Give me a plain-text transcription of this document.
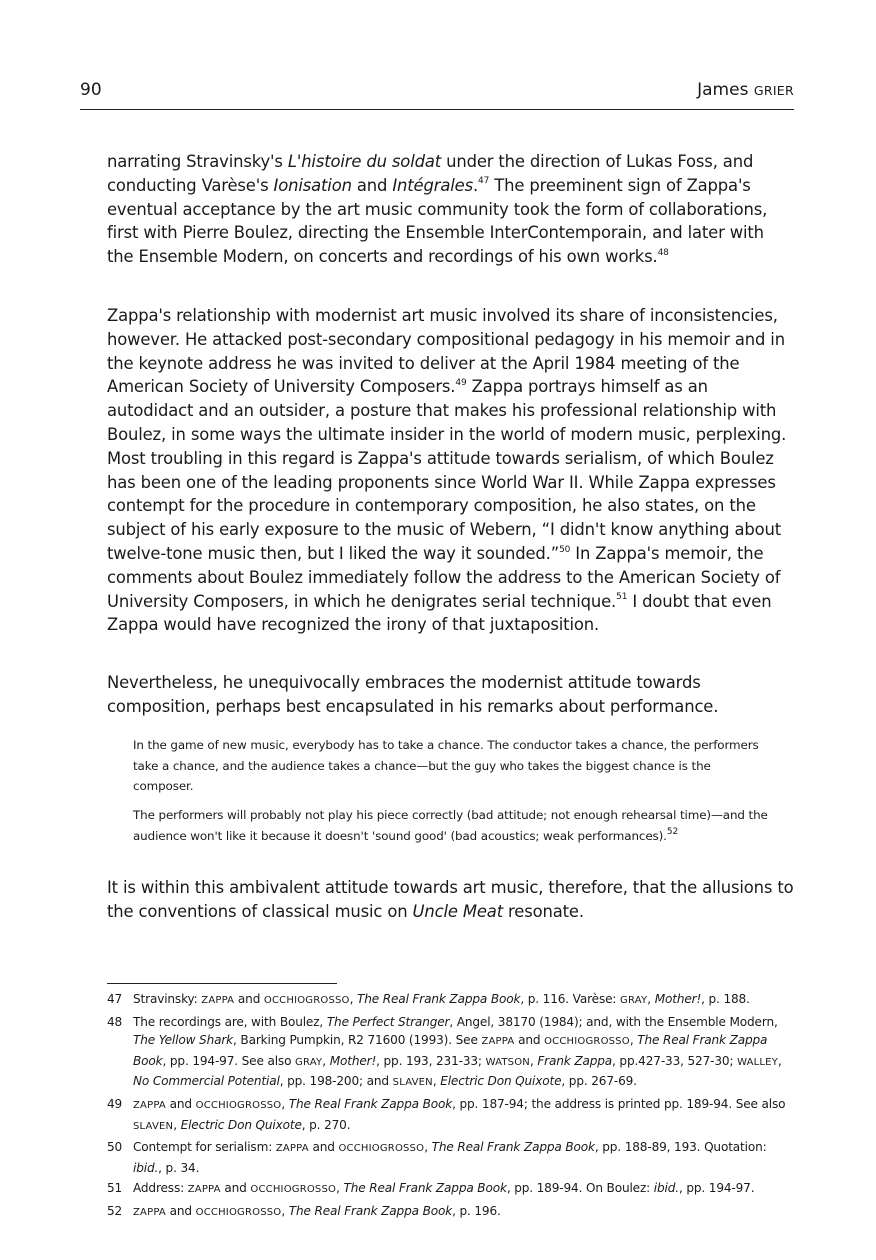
90	James GRIER

narrating Stravinsky's L'histoire du soldat under the direction of Lukas Foss, and conducting Varèse's Ionisation and Intégrales.$^{47}$ The preeminent sign of Zappa's eventual acceptance by the art music community took the form of collaborations, first with Pierre Boulez, directing the Ensemble InterContemporain, and later with the Ensemble Modern, on concerts and recordings of his own works.$^{48}$

Zappa's relationship with modernist art music involved its share of inconsistencies, however. He attacked post-secondary compositional pedagogy in his memoir and in the keynote address he was invited to deliver at the April 1984 meeting of the American Society of University Composers.$^{49}$ Zappa portrays himself as an autodidact and an outsider, a posture that makes his professional relationship with Boulez, in some ways the ultimate insider in the world of modern music, perplexing. Most troubling in this regard is Zappa's attitude towards serialism, of which Boulez has been one of the leading proponents since World War II. While Zappa expresses contempt for the procedure in contemporary composition, he also states, on the subject of his early exposure to the music of Webern, “I didn't know anything about twelve-tone music then, but I liked the way it sounded.”$^{50}$ In Zappa's memoir, the comments about Boulez immediately follow the address to the American Society of University Composers, in which he denigrates serial technique.$^{51}$ I doubt that even Zappa would have recognized the irony of that juxtaposition.

Nevertheless, he unequivocally embraces the modernist attitude towards composition, perhaps best encapsulated in his remarks about performance.

In the game of new music, everybody has to take a chance. The conductor takes a chance, the performers take a chance, and the audience takes a chance—but the guy who takes the biggest chance is the composer.
The performers will probably not play his piece correctly (bad attitude; not enough rehearsal time)—and the audience won't like it because it doesn't 'sound good' (bad acoustics; weak performances).$^{52}$

It is within this ambivalent attitude towards art music, therefore, that the allusions to the conventions of classical music on Uncle Meat resonate.

47 Stravinsky: ZAPPA and OCCHIOGROSSO, The Real Frank Zappa Book, p. 116. Varèse: GRAY, Mother!, p. 188.
48 The recordings are, with Boulez, The Perfect Stranger, Angel, 38170 (1984); and, with the Ensemble Modern, The Yellow Shark, Barking Pumpkin, R2 71600 (1993). See ZAPPA and OCCHIOGROSSO, The Real Frank Zappa Book, pp. 194-97. See also GRAY, Mother!, pp. 193, 231-33; WATSON, Frank Zappa, pp.427-33, 527-30; WALLEY, No Commercial Potential, pp. 198-200; and SLAVEN, Electric Don Quixote, pp. 267-69.
49	ZAPPA and OCCHIOGROSSO, The Real Frank Zappa Book, pp. 187-94; the address is printed pp. 189-94. See also SLAVEN, Electric Don Quixote, p. 270.
50 Contempt for serialism: ZAPPA and OCCHIOGROSSO, The Real Frank Zappa Book, pp. 188-89, 193. Quotation: ibid., p. 34.
51 Address: ZAPPA and OCCHIOGROSSO, The Real Frank Zappa Book, pp. 189-94. On Boulez: ibid., pp. 194-97.
52	ZAPPA and OCCHIOGROSSO, The Real Frank Zappa Book, p. 196.
